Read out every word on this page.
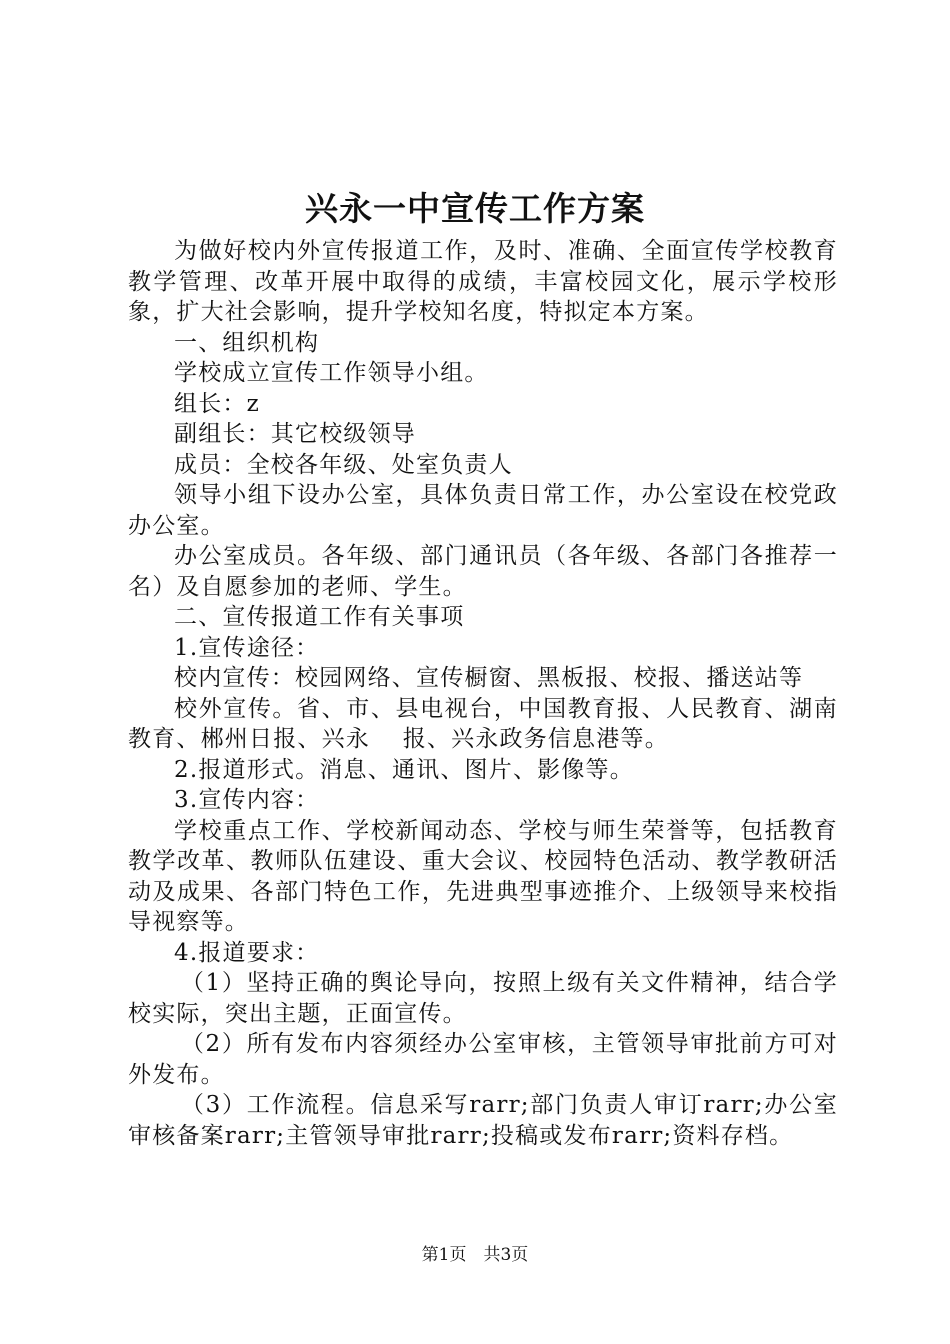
兴永一中宣传工作方案

为做好校内外宣传报道工作，及时、准确、全面宣传学校教育教学管理、改革开展中取得的成绩，丰富校园文化，展示学校形象，扩大社会影响，提升学校知名度，特拟定本方案。

一、组织机构

学校成立宣传工作领导小组。

组长：z

副组长：其它校级领导

成员：全校各年级、处室负责人

领导小组下设办公室，具体负责日常工作，办公室设在校党政办公室。

办公室成员。各年级、部门通讯员（各年级、各部门各推荐一名）及自愿参加的老师、学生。

二、宣传报道工作有关事项

1.宣传途径：

校内宣传：校园网络、宣传橱窗、黑板报、校报、播送站等

校外宣传。省、市、县电视台，中国教育报、人民教育、湖南教育、郴州日报、兴永　 报、兴永政务信息港等。

2.报道形式。消息、通讯、图片、影像等。

3.宣传内容：

学校重点工作、学校新闻动态、学校与师生荣誉等，包括教育教学改革、教师队伍建设、重大会议、校园特色活动、教学教研活动及成果、各部门特色工作，先进典型事迹推介、上级领导来校指导视察等。

4.报道要求：

（1）坚持正确的舆论导向，按照上级有关文件精神，结合学校实际，突出主题，正面宣传。

（2）所有发布内容须经办公室审核，主管领导审批前方可对外发布。

（3）工作流程。信息采写rarr;部门负责人审订rarr;办公室审核备案rarr;主管领导审批rarr;投稿或发布rarr;资料存档。

第1页　共3页
